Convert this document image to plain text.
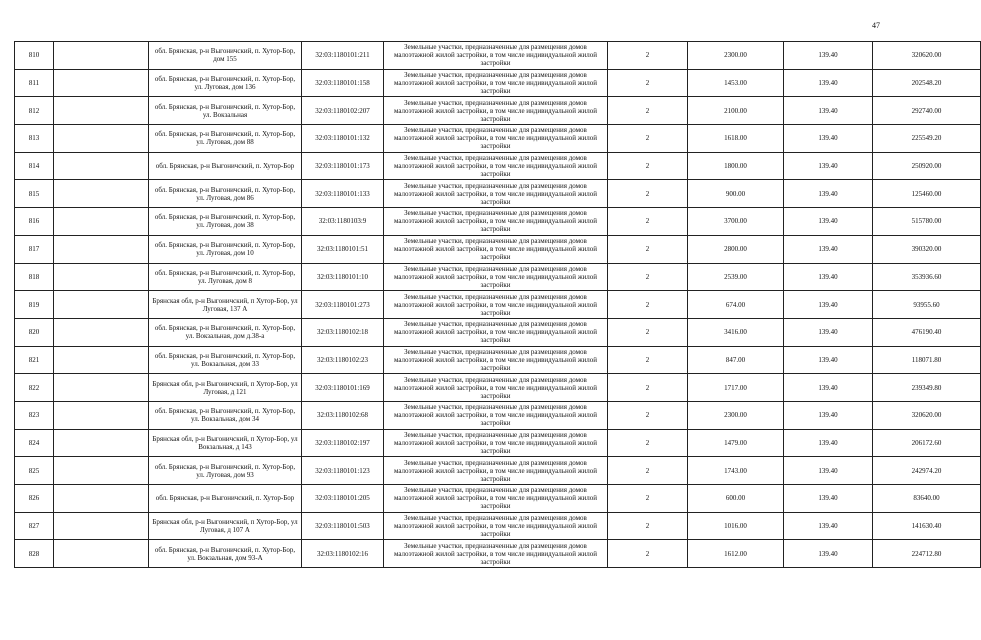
47
810		обл. Брянская, р-н Выгоничский, п. Хутор-Бор, дом 155	32:03:1180101:211	Земельные участки, предназначенные для размещения домов малоэтажной жилой застройки, в том числе индивидуальной жилой застройки	2	2300.00	139.40	320620.00
811		обл. Брянская, р-н Выгоничский, п. Хутор-Бор, ул. Луговая, дом 136	32:03:1180101:158	Земельные участки, предназначенные для размещения домов малоэтажной жилой застройки, в том числе индивидуальной жилой застройки	2	1453.00	139.40	202548.20
812		обл. Брянская, р-н Выгоничский, п. Хутор-Бор, ул. Вокзальная	32:03:1180102:207	Земельные участки, предназначенные для размещения домов малоэтажной жилой застройки, в том числе индивидуальной жилой застройки	2	2100.00	139.40	292740.00
813		обл. Брянская, р-н Выгоничский, п. Хутор-Бор, ул. Луговая, дом 88	32:03:1180101:132	Земельные участки, предназначенные для размещения домов малоэтажной жилой застройки, в том числе индивидуальной жилой застройки	2	1618.00	139.40	225549.20
814		обл. Брянская, р-н Выгоничский, п. Хутор-Бор	32:03:1180101:173	Земельные участки, предназначенные для размещения домов малоэтажной жилой застройки, в том числе индивидуальной жилой застройки	2	1800.00	139.40	250920.00
815		обл. Брянская, р-н Выгоничский, п. Хутор-Бор, ул. Луговая, дом 86	32:03:1180101:133	Земельные участки, предназначенные для размещения домов малоэтажной жилой застройки, в том числе индивидуальной жилой застройки	2	900.00	139.40	125460.00
816		обл. Брянская, р-н Выгоничский, п. Хутор-Бор, ул. Луговая, дом 38	32:03:1180103:9	Земельные участки, предназначенные для размещения домов малоэтажной жилой застройки, в том числе индивидуальной жилой застройки	2	3700.00	139.40	515780.00
817		обл. Брянская, р-н Выгоничский, п. Хутор-Бор, ул. Луговая, дом 10	32:03:1180101:51	Земельные участки, предназначенные для размещения домов малоэтажной жилой застройки, в том числе индивидуальной жилой застройки	2	2800.00	139.40	390320.00
818		обл. Брянская, р-н Выгоничский, п. Хутор-Бор, ул. Луговая, дом 8	32:03:1180101:10	Земельные участки, предназначенные для размещения домов малоэтажной жилой застройки, в том числе индивидуальной жилой застройки	2	2539.00	139.40	353936.60
819		Брянская обл, р-н Выгоничский, п Хутор-Бор, ул Луговая, 137 А	32:03:1180101:273	Земельные участки, предназначенные для размещения домов малоэтажной жилой застройки, в том числе индивидуальной жилой застройки	2	674.00	139.40	93955.60
820		обл. Брянская, р-н Выгоничский, п. Хутор-Бор, ул. Вокзальная, дом д.38-а	32:03:1180102:18	Земельные участки, предназначенные для размещения домов малоэтажной жилой застройки, в том числе индивидуальной жилой застройки	2	3416.00	139.40	476190.40
821		обл. Брянская, р-н Выгоничский, п. Хутор-Бор, ул. Вокзальная, дом 33	32:03:1180102:23	Земельные участки, предназначенные для размещения домов малоэтажной жилой застройки, в том числе индивидуальной жилой застройки	2	847.00	139.40	118071.80
822		Брянская обл, р-н Выгоничский, п Хутор-Бор, ул Луговая, д 121	32:03:1180101:169	Земельные участки, предназначенные для размещения домов малоэтажной жилой застройки, в том числе индивидуальной жилой застройки	2	1717.00	139.40	239349.80
823		обл. Брянская, р-н Выгоничский, п. Хутор-Бор, ул. Вокзальная, дом 34	32:03:1180102:68	Земельные участки, предназначенные для размещения домов малоэтажной жилой застройки, в том числе индивидуальной жилой застройки	2	2300.00	139.40	320620.00
824		Брянская обл, р-н Выгоничский, п Хутор-Бор, ул Вокзальная, д 143	32:03:1180102:197	Земельные участки, предназначенные для размещения домов малоэтажной жилой застройки, в том числе индивидуальной жилой застройки	2	1479.00	139.40	206172.60
825		обл. Брянская, р-н Выгоничский, п. Хутор-Бор, ул. Луговая, дом 93	32:03:1180101:123	Земельные участки, предназначенные для размещения домов малоэтажной жилой застройки, в том числе индивидуальной жилой застройки	2	1743.00	139.40	242974.20
826		обл. Брянская, р-н Выгоничский, п. Хутор-Бор	32:03:1180101:205	Земельные участки, предназначенные для размещения домов малоэтажной жилой застройки, в том числе индивидуальной жилой застройки	2	600.00	139.40	83640.00
827		Брянская обл, р-н Выгоничский, п Хутор-Бор, ул Луговая, д 107 А	32:03:1180101:503	Земельные участки, предназначенные для размещения домов малоэтажной жилой застройки, в том числе индивидуальной жилой застройки	2	1016.00	139.40	141630.40
828		обл. Брянская, р-н Выгоничский, п. Хутор-Бор, ул. Вокзальная, дом 93-А	32:03:1180102:16	Земельные участки, предназначенные для размещения домов малоэтажной жилой застройки, в том числе индивидуальной жилой застройки	2	1612.00	139.40	224712.80
